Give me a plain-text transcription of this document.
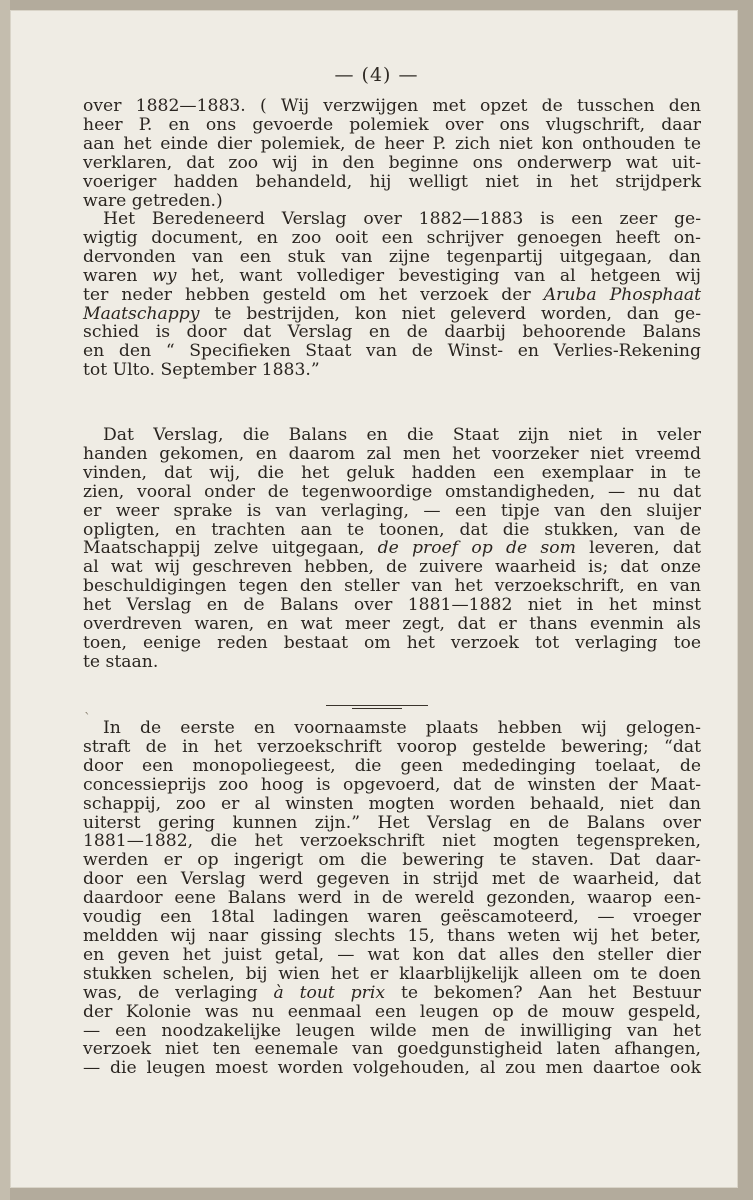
— (4) —
over 1882—1883. ( Wij verzwijgen met opzet de tusschen den
heer P. en ons gevoerde polemiek over ons vlugschrift, daar
aan het einde dier polemiek, de heer P. zich niet kon onthouden te
verklaren, dat zoo wij in den beginne ons onderwerp wat uit-
voeriger hadden behandeld, hij welligt niet in het strijdperk
ware getreden.)
Het Beredeneerd Verslag over 1882—1883 is een zeer ge-
wigtig document, en zoo ooit een schrijver genoegen heeft on-
dervonden van een stuk van zijne tegenpartij uitgegaan, dan
waren wy het, want vollediger bevestiging van al hetgeen wij
ter neder hebben gesteld om het verzoek der Aruba Phosphaat
Maatschappy te bestrijden, kon niet geleverd worden, dan ge-
schied is door dat Verslag en de daarbij behoorende Balans
en den “ Specifieken Staat van de Winst- en Verlies-Rekening
tot Ulto. September 1883.”
Dat Verslag, die Balans en die Staat zijn niet in veler
handen gekomen, en daarom zal men het voorzeker niet vreemd
vinden, dat wij, die het geluk hadden een exemplaar in te
zien, vooral onder de tegenwoordige omstandigheden, — nu dat
er weer sprake is van verlaging, — een tipje van den sluijer
opligten, en trachten aan te toonen, dat die stukken, van de
Maatschappij zelve uitgegaan, de proef op de som leveren, dat
al wat wij geschreven hebben, de zuivere waarheid is; dat onze
beschuldigingen tegen den steller van het verzoekschrift, en van
het Verslag en de Balans over 1881—1882 niet in het minst
overdreven waren, en wat meer zegt, dat er thans evenmin als
toen, eenige reden bestaat om het verzoek tot verlaging toe
te staan.
ˋ In de eerste en voornaamste plaats hebben wij gelogen-
straft de in het verzoekschrift voorop gestelde bewering; “dat
door een monopoliegeest, die geen mededinging toelaat, de
concessieprijs zoo hoog is opgevoerd, dat de winsten der Maat-
schappij, zoo er al winsten mogten worden behaald, niet dan
uiterst gering kunnen zijn.” Het Verslag en de Balans over
1881—1882, die het verzoekschrift niet mogten tegenspreken,
werden er op ingerigt om die bewering te staven. Dat daar-
door een Verslag werd gegeven in strijd met de waarheid, dat
daardoor eene Balans werd in de wereld gezonden, waarop een-
voudig een 18tal ladingen waren geëscamoteerd, — vroeger
meldden wij naar gissing slechts 15, thans weten wij het beter,
en geven het juist getal, — wat kon dat alles den steller dier
stukken schelen, bij wien het er klaarblijkelijk alleen om te doen
was, de verlaging à tout prix te bekomen? Aan het Bestuur
der Kolonie was nu eenmaal een leugen op de mouw gespeld,
— een noodzakelijke leugen wilde men de inwilliging van het
verzoek niet ten eenemale van goedgunstigheid laten afhangen,
— die leugen moest worden volgehouden, al zou men daartoe ook
